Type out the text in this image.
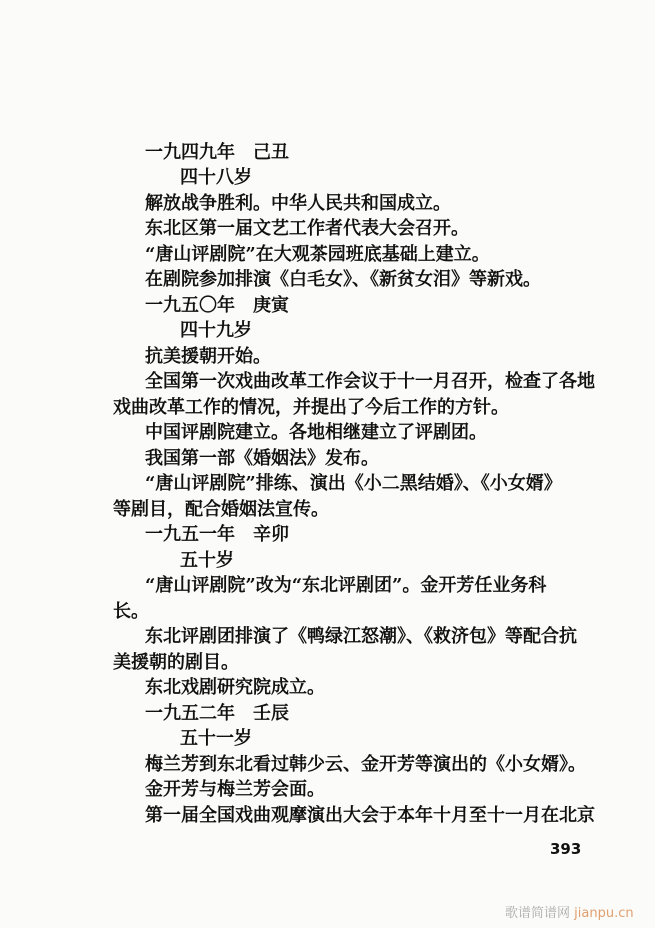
一九四九年　己丑
四十八岁
解放战争胜利。中华人民共和国成立。
东北区第一届文艺工作者代表大会召开。
“唐山评剧院”在大观茶园班底基础上建立。
在剧院参加排演《白毛女》、《新贫女泪》等新戏。
一九五〇年　庚寅
四十九岁
抗美援朝开始。
全国第一次戏曲改革工作会议于十一月召开，检查了各地
戏曲改革工作的情况，并提出了今后工作的方针。
中国评剧院建立。各地相继建立了评剧团。
我国第一部《婚姻法》发布。
“唐山评剧院”排练、演出《小二黑结婚》、《小女婿》
等剧目，配合婚姻法宣传。
一九五一年　辛卯
五十岁
“唐山评剧院”改为“东北评剧团”。金开芳任业务科
长。
东北评剧团排演了《鸭绿江怒潮》、《救济包》等配合抗
美援朝的剧目。
东北戏剧研究院成立。
一九五二年　壬辰
五十一岁
梅兰芳到东北看过韩少云、金开芳等演出的《小女婿》。
金开芳与梅兰芳会面。
第一届全国戏曲观摩演出大会于本年十月至十一月在北京
393
歌谱简谱网 jianpu.cn
